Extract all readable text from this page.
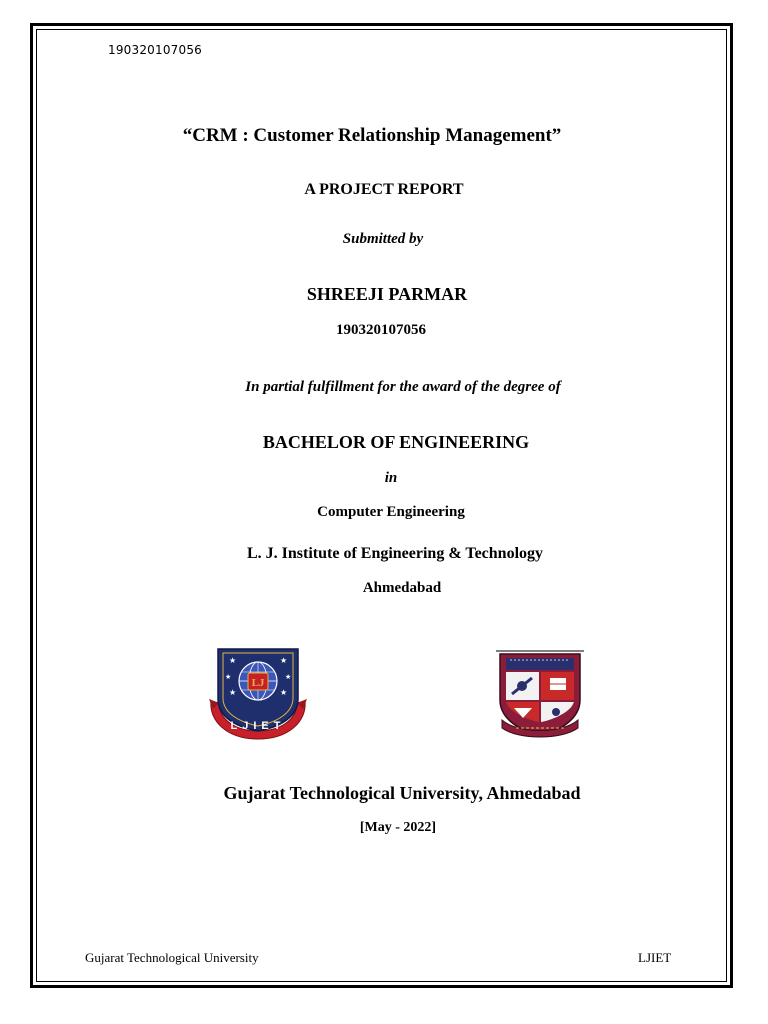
190320107056
“CRM : Customer Relationship Management”
A PROJECT REPORT
Submitted by
SHREEJI PARMAR
190320107056
In partial fulfillment for the award of the degree of
BACHELOR OF ENGINEERING
in
Computer Engineering
L. J. Institute of Engineering & Technology
Ahmedabad
★	★
★	★
★	★
LJ
LJIET
Gujarat Technological University, Ahmedabad
[May - 2022]
Gujarat Technological University	LJIET
